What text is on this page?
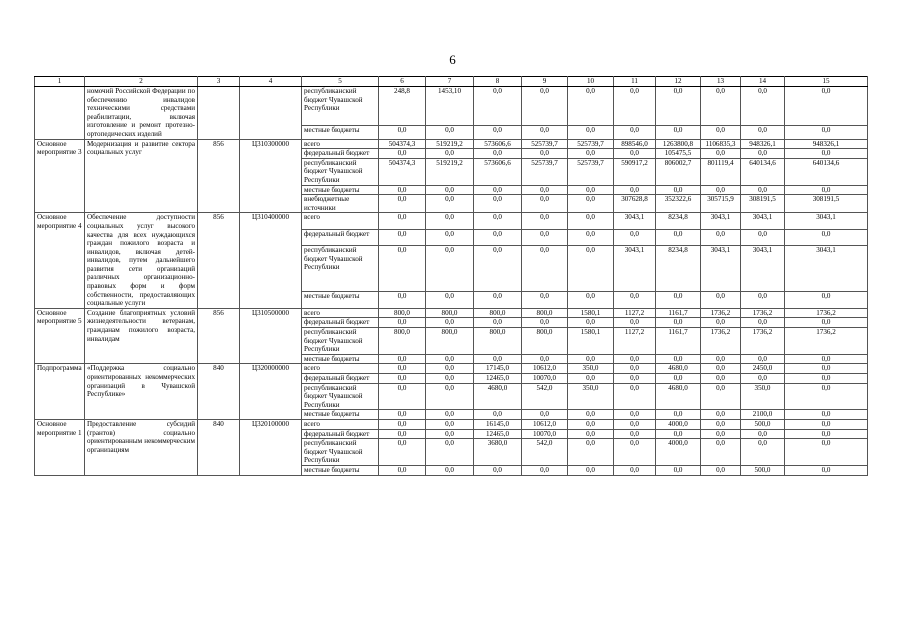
6
1	2	3	4	5	6	7	8	9	10	11	12	13	14	15
	номочий Российской Федерации по обеспечению инвалидов техническими средствами реабилитации, включая изготовление и ремонт протезно-ортопедических изделий			республиканский бюджет Чувашской Республики	248,8	1453,10	0,0	0,0	0,0	0,0	0,0	0,0	0,0	0,0
				местные бюджеты	0,0	0,0	0,0	0,0	0,0	0,0	0,0	0,0	0,0	0,0
Основное мероприятие 3	Модернизация и развитие сектора социальных услуг	856	Ц310300000	всего	504374,3	519219,2	573606,6	525739,7	525739,7	898546,0	1263800,8	1106835,3	948326,1	948326,1
				федеральный бюджет	0,0	0,0	0,0	0,0	0,0	0,0	105475,5	0,0	0,0	0,0
				республиканский бюджет Чувашской Республики	504374,3	519219,2	573606,6	525739,7	525739,7	590917,2	806002,7	801119,4	640134,6	640134,6
				местные бюджеты	0,0	0,0	0,0	0,0	0,0	0,0	0,0	0,0	0,0	0,0
				внебюджетные источники	0,0	0,0	0,0	0,0	0,0	307628,8	352322,6	305715,9	308191,5	308191,5
Основное мероприятие 4	Обеспечение доступности социальных услуг высокого качества для всех нуждающихся граждан пожилого возраста и инвалидов, включая детей-инвалидов, путем дальнейшего развития сети организаций различных организационно-правовых форм и форм собственности, предоставляющих социальные услуги	856	Ц310400000	всего	0,0	0,0	0,0	0,0	0,0	3043,1	8234,8	3043,1	3043,1	3043,1
				федеральный бюджет	0,0	0,0	0,0	0,0	0,0	0,0	0,0	0,0	0,0	0,0
				республиканский бюджет Чувашской Республики	0,0	0,0	0,0	0,0	0,0	3043,1	8234,8	3043,1	3043,1	3043,1
				местные бюджеты	0,0	0,0	0,0	0,0	0,0	0,0	0,0	0,0	0,0	0,0
Основное мероприятие 5	Создание благоприятных условий жизнедеятельности ветеранам, гражданам пожилого возраста, инвалидам	856	Ц310500000	всего	800,0	800,0	800,0	800,0	1580,1	1127,2	1161,7	1736,2	1736,2	1736,2
				федеральный бюджет	0,0	0,0	0,0	0,0	0,0	0,0	0,0	0,0	0,0	0,0
				республиканский бюджет Чувашской Республики	800,0	800,0	800,0	800,0	1580,1	1127,2	1161,7	1736,2	1736,2	1736,2
				местные бюджеты	0,0	0,0	0,0	0,0	0,0	0,0	0,0	0,0	0,0	0,0
Подпрограмма	«Поддержка социально ориентированных некоммерческих организаций в Чувашской Республике»	840	Ц320000000	всего	0,0	0,0	17145,0	10612,0	350,0	0,0	4680,0	0,0	2450,0	0,0
				федеральный бюджет	0,0	0,0	12465,0	10070,0	0,0	0,0	0,0	0,0	0,0	0,0
				республиканский бюджет Чувашской Республики	0,0	0,0	4680,0	542,0	350,0	0,0	4680,0	0,0	350,0	0,0
				местные бюджеты	0,0	0,0	0,0	0,0	0,0	0,0	0,0	0,0	2100,0	0,0
Основное мероприятие 1	Предоставление субсидий (грантов) социально ориентированным некоммерческим организациям	840	Ц320100000	всего	0,0	0,0	16145,0	10612,0	0,0	0,0	4000,0	0,0	500,0	0,0
				федеральный бюджет	0,0	0,0	12465,0	10070,0	0,0	0,0	0,0	0,0	0,0	0,0
				республиканский бюджет Чувашской Республики	0,0	0,0	3680,0	542,0	0,0	0,0	4000,0	0,0	0,0	0,0
				местные бюджеты	0,0	0,0	0,0	0,0	0,0	0,0	0,0	0,0	500,0	0,0
